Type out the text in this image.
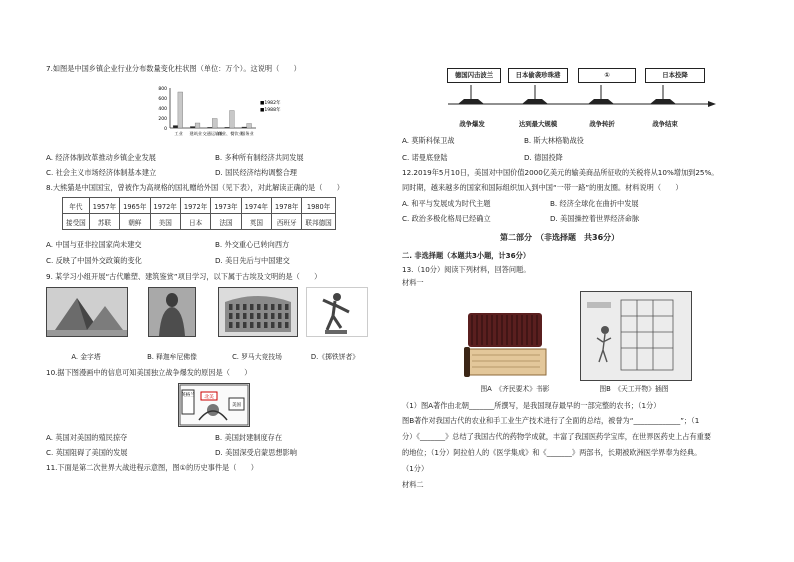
7.如图是中国乡镇企业行业分布数量变化柱状图（单位：万个）。这说明（　　）
800
600
400
200
0
工业 建筑业 交通运输业
商业、餐饮业
服务业
■1982年
■1988年
A. 经济体制改革推动乡镇企业发展	B. 多种所有制经济共同发展
C. 社会主义市场经济体制基本建立	D. 国民经济结构调整合理
8.大熊猫是中国国宝，曾被作为高规格的国礼赠给外国（见下表），对此解读正确的是（　　）
年代	1957年	1965年	1972年	1972年	1973年	1974年	1978年	1980年
接受国	苏联	朝鲜	美国	日本	法国	英国	西班牙	联邦德国
A. 中国与亚非拉国家尚未建交	B. 外交重心已转向西方
C. 反映了中国外交政策的变化	D. 美日先后与中国建交
9. 某学习小组开展“古代雕塑、建筑鉴赏”项目学习，以下属于古埃及文明的是（　　）
A. 金字塔	B. 释迦牟尼佛像	C. 罗马大竞技场	D.《掷铁饼者》
10.据下图漫画中的信息可知美国独立战争爆发的原因是（　　）
英格兰 北美
美国
A. 英国对美国的殖民掠夺	B. 美国封建制度存在
C. 英国阻碍了美国的发展	D. 美国深受启蒙思想影响
11.下面是第二次世界大战进程示意图，图①的历史事件是（　　）
德国闪击波兰	日本偷袭珍珠港	①	日本投降
战争爆发	达到最大规模	战争转折	战争结束
A. 莫斯科保卫战	B. 斯大林格勒战役
C. 诺曼底登陆	D. 德国投降
12.2019年5月10日，美国对中国价值2000亿美元的输美商品所征收的关税将从10%增加到25%。
同时期，越来越多的国家和国际组织加入到中国“一带一路”的朋友圈。材料说明（　　）
A. 和平与发展成为时代主题	B. 经济全球化在曲折中发展
C. 政治多极化格局已经确立	D. 美国操控着世界经济命脉
第二部分　（非选择题　共36分）
二. 非选择题（本题共3小题，计36分）
13.（10分）阅读下列材料，回答问题。
材料一
图A　《齐民要术》书影	图B　《天工开物》插图
（1）图A著作由北朝_______所撰写，是我国现存最早的一部完整的农书；（1分）
图B著作对我国古代的农业和手工业生产技术进行了全面的总结，被誉为“_____________”；（1
分）《_______》总结了我国古代的药物学成就，丰富了我国医药学宝库，在世界医药史上占有重要
的地位；（1分）阿拉伯人的《医学集成》和《_______》两部书，长期被欧洲医学界奉为经典。
（1分）
材料二
